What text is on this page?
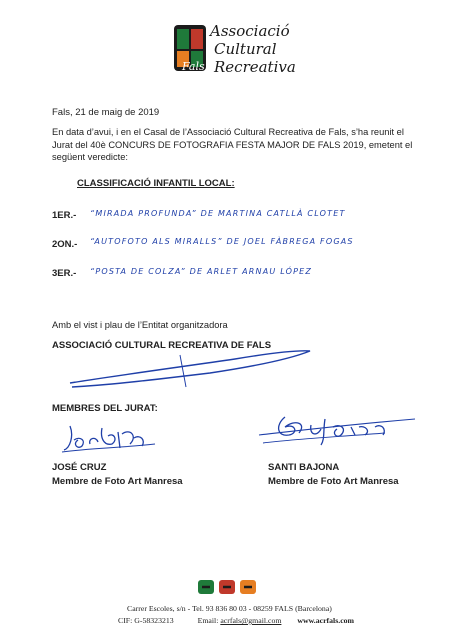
Associació
Cultural
Fals Recreativa
Fals, 21 de maig de 2019
En data d’avui, i en el Casal de l’Associació Cultural Recreativa de Fals, s’ha reunit el
Jurat del 40è CONCURS DE FOTOGRAFIA FESTA MAJOR DE FALS 2019, emetent el
següent veredicte:
CLASSIFICACIÓ INFANTIL LOCAL:
1ER.- “MIRADA PROFUNDA” DE MARTINA CATLLÀ CLOTET
2ON.- “AUTOFOTO ALS MIRALLS” DE JOEL FÀBREGA FOGAS
3ER.- “POSTA DE COLZA” DE ARLET ARNAU LÓPEZ
Amb el vist i plau de l’Entitat organitzadora
ASSOCIACIÓ CULTURAL RECREATIVA DE FALS
MEMBRES DEL JURAT:
JOSÉ CRUZ
Membre de Foto Art Manresa
SANTI BAJONA
Membre de Foto Art Manresa
Carrer Escoles, s/n - Tel. 93 836 80 03 - 08259 FALS (Barcelona)
CIF: G-58323213	Email: acrfals@gmail.com www.acrfals.com
